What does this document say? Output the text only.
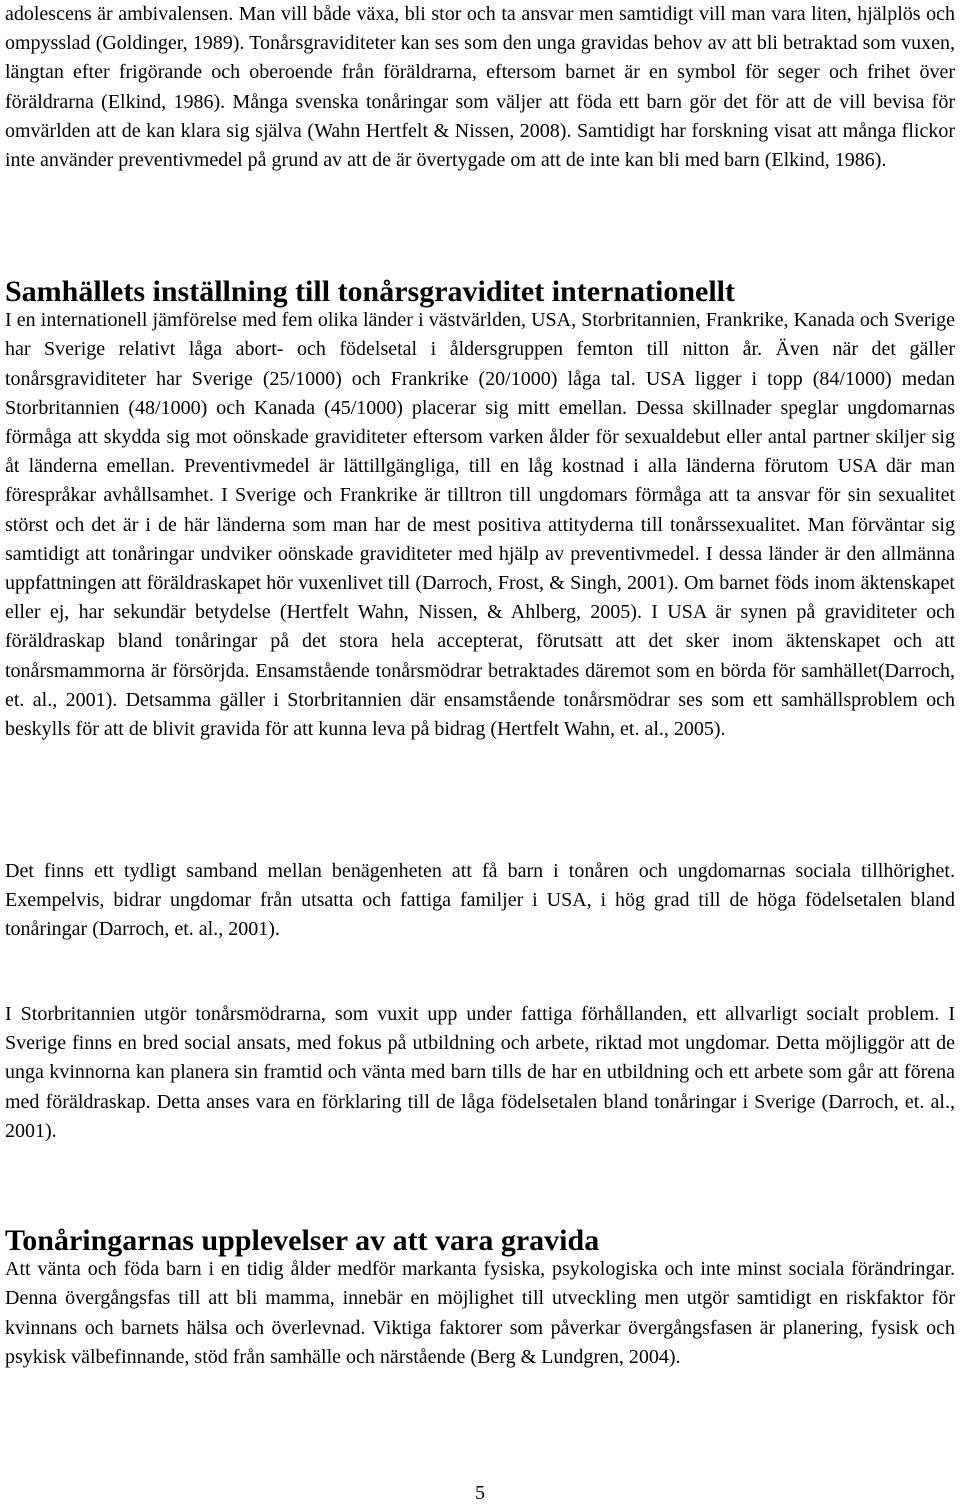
adolescens är ambivalensen. Man vill både växa, bli stor och ta ansvar men samtidigt vill man vara liten, hjälplös och ompysslad (Goldinger, 1989). Tonårsgraviditeter kan ses som den unga gravidas behov av att bli betraktad som vuxen, längtan efter frigörande och oberoende från föräldrarna, eftersom barnet är en symbol för seger och frihet över föräldrarna (Elkind, 1986). Många svenska tonåringar som väljer att föda ett barn gör det för att de vill bevisa för omvärlden att de kan klara sig själva (Wahn Hertfelt & Nissen, 2008). Samtidigt har forskning visat att många flickor inte använder preventivmedel på grund av att de är övertygade om att de inte kan bli med barn (Elkind, 1986).

Samhällets inställning till tonårsgraviditet internationellt

I en internationell jämförelse med fem olika länder i västvärlden, USA, Storbritannien, Frankrike, Kanada och Sverige har Sverige relativt låga abort- och födelsetal i åldersgruppen femton till nitton år. Även när det gäller tonårsgraviditeter har Sverige (25/1000) och Frankrike (20/1000) låga tal. USA ligger i topp (84/1000) medan Storbritannien (48/1000) och Kanada (45/1000) placerar sig mitt emellan. Dessa skillnader speglar ungdomarnas förmåga att skydda sig mot oönskade graviditeter eftersom varken ålder för sexualdebut eller antal partner skiljer sig åt länderna emellan. Preventivmedel är lättillgängliga, till en låg kostnad i alla länderna förutom USA där man förespråkar avhållsamhet. I Sverige och Frankrike är tilltron till ungdomars förmåga att ta ansvar för sin sexualitet störst och det är i de här länderna som man har de mest positiva attityderna till tonårssexualitet. Man förväntar sig samtidigt att tonåringar undviker oönskade graviditeter med hjälp av preventivmedel. I dessa länder är den allmänna uppfattningen att föräldraskapet hör vuxenlivet till (Darroch, Frost, & Singh, 2001). Om barnet föds inom äktenskapet eller ej, har sekundär betydelse (Hertfelt Wahn, Nissen, & Ahlberg, 2005). I USA är synen på graviditeter och föräldraskap bland tonåringar på det stora hela accepterat, förutsatt att det sker inom äktenskapet och att tonårsmammorna är försörjda. Ensamstående tonårsmödrar betraktades däremot som en börda för samhället(Darroch, et. al., 2001). Detsamma gäller i Storbritannien där ensamstående tonårsmödrar ses som ett samhällsproblem och beskylls för att de blivit gravida för att kunna leva på bidrag (Hertfelt Wahn, et. al., 2005).

Det finns ett tydligt samband mellan benägenheten att få barn i tonåren och ungdomarnas sociala tillhörighet. Exempelvis, bidrar ungdomar från utsatta och fattiga familjer i USA, i hög grad till de höga födelsetalen bland tonåringar (Darroch, et. al., 2001).

I Storbritannien utgör tonårsmödrarna, som vuxit upp under fattiga förhållanden, ett allvarligt socialt problem. I Sverige finns en bred social ansats, med fokus på utbildning och arbete, riktad mot ungdomar. Detta möjliggör att de unga kvinnorna kan planera sin framtid och vänta med barn tills de har en utbildning och ett arbete som går att förena med föräldraskap. Detta anses vara en förklaring till de låga födelsetalen bland tonåringar i Sverige (Darroch, et. al., 2001).

Tonåringarnas upplevelser av att vara gravida

Att vänta och föda barn i en tidig ålder medför markanta fysiska, psykologiska och inte minst sociala förändringar. Denna övergångsfas till att bli mamma, innebär en möjlighet till utveckling men utgör samtidigt en riskfaktor för kvinnans och barnets hälsa och överlevnad. Viktiga faktorer som påverkar övergångsfasen är planering, fysisk och psykisk välbefinnande, stöd från samhälle och närstående (Berg & Lundgren, 2004).

5
